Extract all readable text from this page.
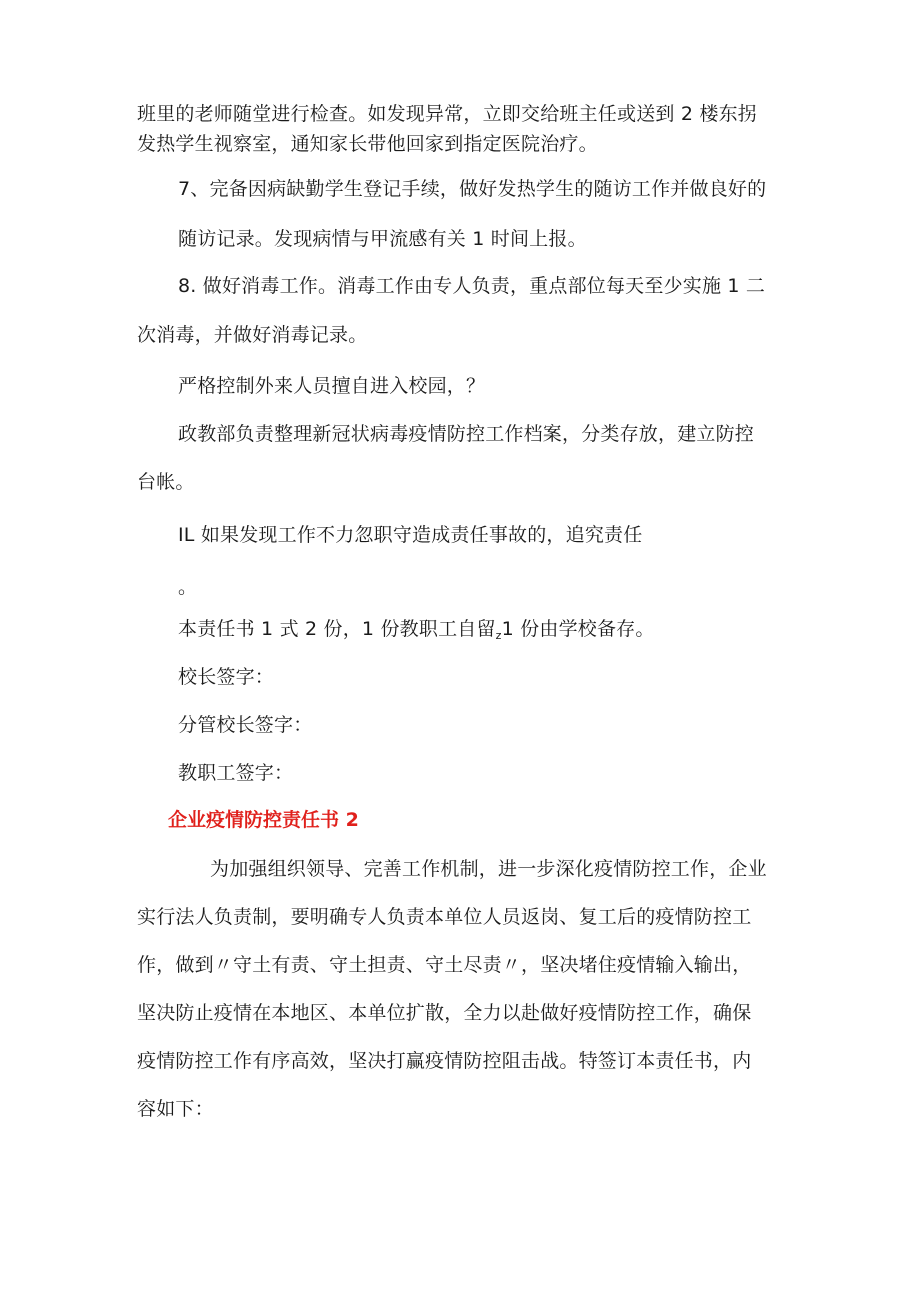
班里的老师随堂进行检查。如发现异常，立即交给班主任或送到 2 楼东拐
发热学生视察室，通知家长带他回家到指定医院治疗。
7、完备因病缺勤学生登记手续，做好发热学生的随访工作并做良好的
随访记录。发现病情与甲流感有关 1 时间上报。
8. 做好消毒工作。消毒工作由专人负责，重点部位每天至少实施 1 二
次消毒，并做好消毒记录。
严格控制外来人员擅自进入校园，？
政教部负责整理新冠状病毒疫情防控工作档案，分类存放，建立防控
台帐。
IL 如果发现工作不力忽职守造成责任事故的，追究责任
。
本责任书 1 式 2 份，1 份教职工自留$_z$1 份由学校备存。
校长签字：
分管校长签字：
教职工签字：
企业疫情防控责任书 2
为加强组织领导、完善工作机制，进一步深化疫情防控工作，企业
实行法人负责制，要明确专人负责本单位人员返岗、复工后的疫情防控工
作，做到〃守土有责、守土担责、守土尽责〃，坚决堵住疫情输入输出，
坚决防止疫情在本地区、本单位扩散，全力以赴做好疫情防控工作，确保
疫情防控工作有序高效，坚决打赢疫情防控阻击战。特签订本责任书，内
容如下：
